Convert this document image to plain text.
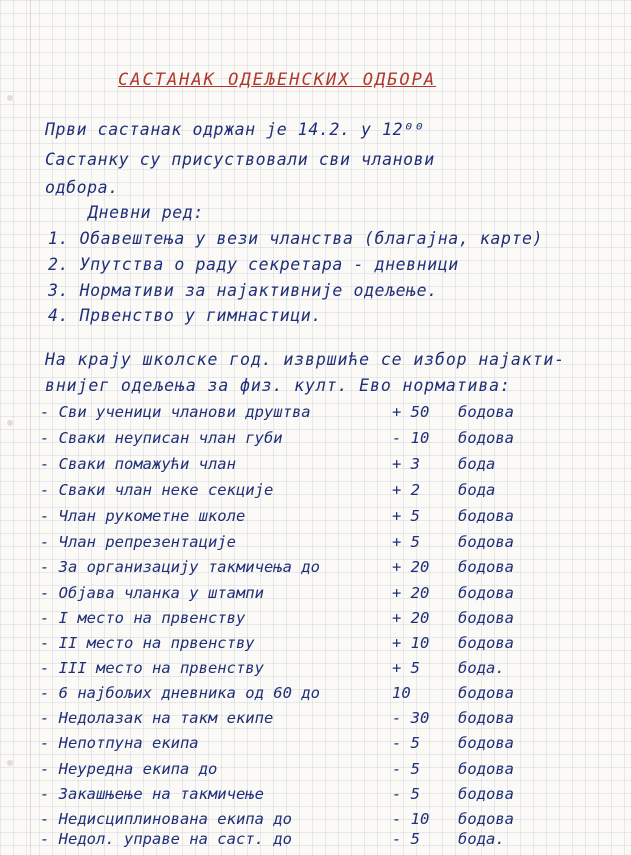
САСТАНАК ОДЕЉЕНСКИХ ОДБОРА
Први састанак одржан је 14.2. у 12⁰⁰
Састанку су присуствовали сви чланови
одбора.
Дневни ред:
1. Обавештења у вези чланства (благајна, карте)
2. Упутства о раду секретара - дневници
3. Нормативи за најактивније одељење.
4. Првенство у гимнастици.
На крају школске год. извршиће се избор најакти-
внијег одељења за физ. култ. Ево норматива:
- Сви ученици чланови друштва	+ 50 бодова
- Сваки неуписан члан губи	- 10 бодова
- Сваки помажући члан	+ 3 бода
- Сваки члан неке секције	+ 2 бода
- Члан рукометне школе	+ 5 бодова
- Члан репрезентације	+ 5 бодова
- За организацију такмичења до	+ 20 бодова
- Објава чланка у штампи	+ 20 бодова
- I место на првенству	+ 20 бодова
- II место на првенству	+ 10 бодова
- III место на првенству	+ 5 бода.
- 6 најбољих дневника од 60 до	10	бодова
- Недолазак на такм екипе	- 30 бодова
- Непотпуна екипа	- 5 бодова
- Неуредна екипа до	- 5 бодова
- Закашњење на такмичење	- 5 бодова
- Недисциплинована екипа до	- 10 бодова
- Недол. управе на саст. до	- 5 бода.
